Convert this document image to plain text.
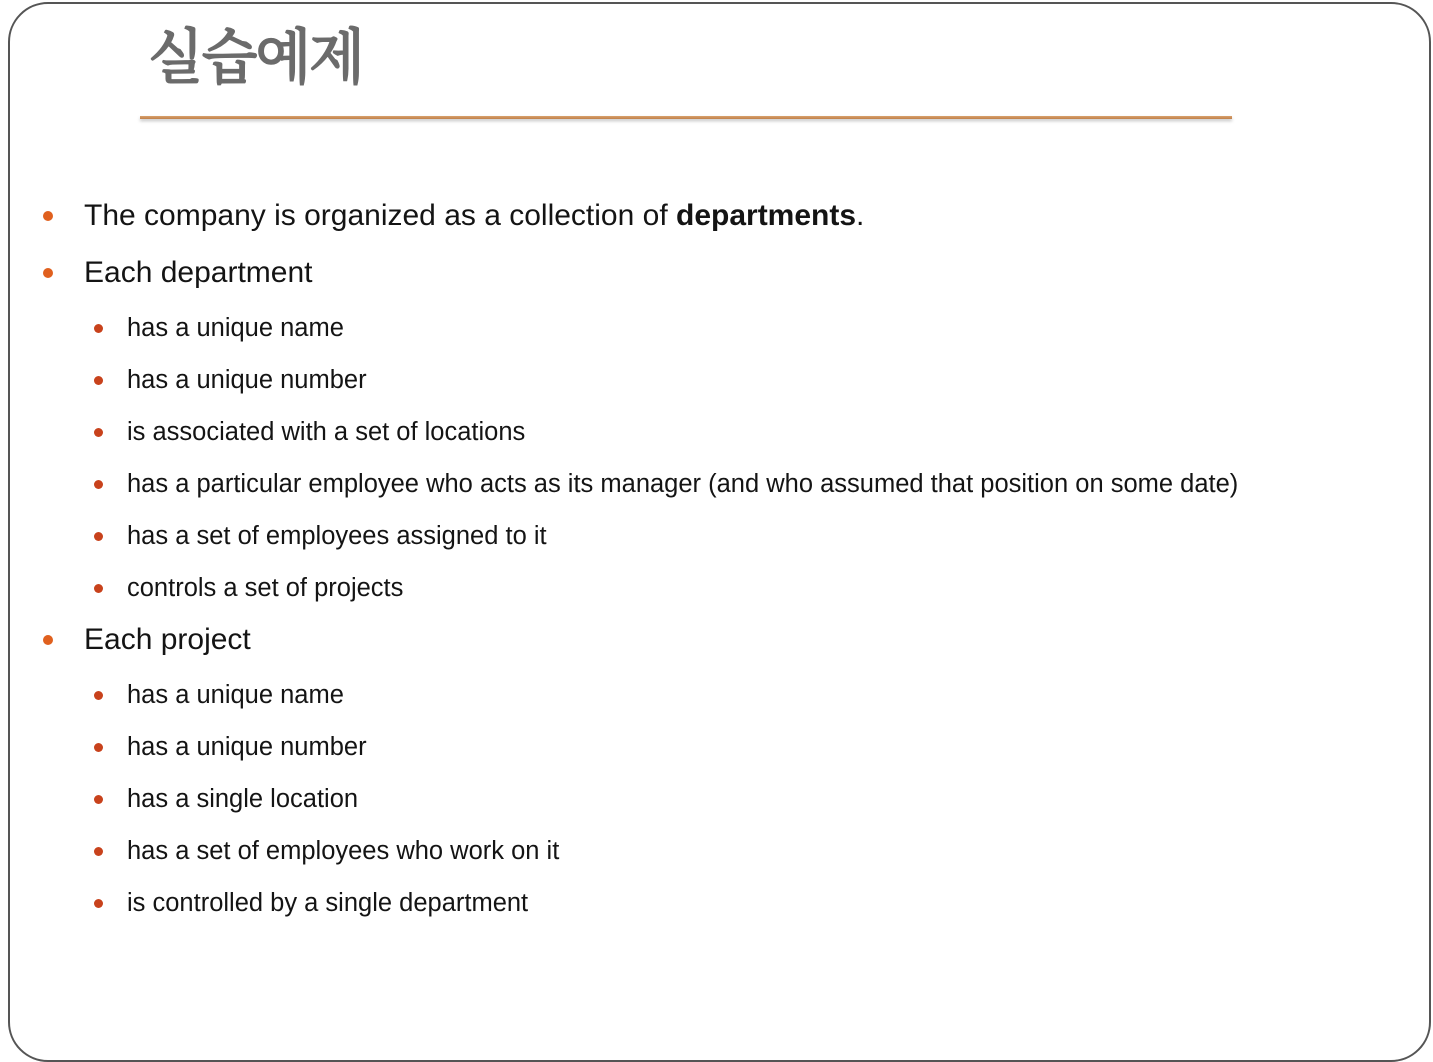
실습예제
The company is organized as a collection of departments.
Each department
has a unique name
has a unique number
is associated with a set of locations
has a particular employee who acts as its manager (and who assumed that position on some date)
has a set of employees assigned to it
controls a set of projects
Each project
has a unique name
has a unique number
has a single location
has a set of employees who work on it
is controlled by a single department
